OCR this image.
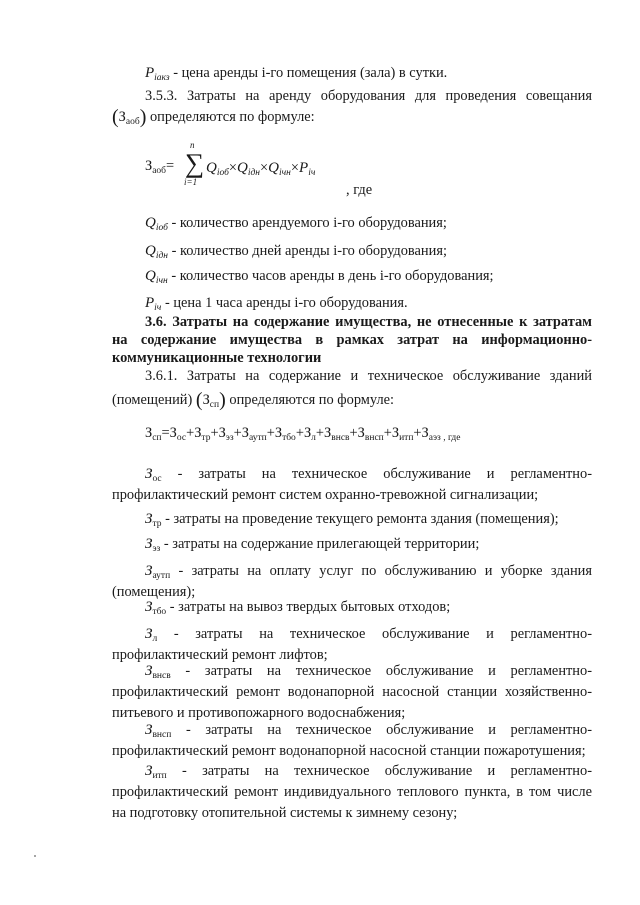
$P_{iакз}$ - цена аренды i-го помещения (зала) в сутки.
3.5.3. Затраты на аренду оборудования для проведения совещания
$(З_{аоб})$ определяются по формуле:
$З_{аоб}=$ ∑
n
i=1
$Q_{iоб}\times Q_{iдн}\times Q_{iчн}\times P_{iч}$
, где
$Q_{iоб}$ - количество арендуемого i-го оборудования;
$Q_{iдн}$ - количество дней аренды i-го оборудования;
$Q_{iчн}$ - количество часов аренды в день i-го оборудования;
$P_{iч}$ - цена 1 часа аренды i-го оборудования.
3.6. Затраты на содержание имущества, не отнесенные к затратам
на содержание имущества в рамках затрат на информационно-
коммуникационные технологии
3.6.1. Затраты на содержание и техническое обслуживание зданий
(помещений) $(З_{сп})$ определяются по формуле:
$З_{сп}=З_{ос}+З_{тр}+З_{эз}+З_{аутп}+З_{тбо}+З_л+З_{внсв}+З_{внсп}+З_{итп}+З_{аэз}$ $_{, где}$
$З_{ос}$ - затраты на техническое обслуживание и регламентно-
профилактический ремонт систем охранно-тревожной сигнализации;
$З_{тр}$ - затраты на проведение текущего ремонта здания (помещения);
$З_{эз}$ - затраты на содержание прилегающей территории;
$З_{аутп}$ - затраты на оплату услуг по обслуживанию и уборке здания
(помещения);
$З_{тбо}$ - затраты на вывоз твердых бытовых отходов;
$З_л$ - затраты на техническое обслуживание и регламентно-
профилактический ремонт лифтов;
$З_{внсв}$ - затраты на техническое обслуживание и регламентно-
профилактический ремонт водонапорной насосной станции хозяйственно-
питьевого и противопожарного водоснабжения;
$З_{внсп}$ - затраты на техническое обслуживание и регламентно-
профилактический ремонт водонапорной насосной станции пожаротушения;
$З_{итп}$ - затраты на техническое обслуживание и регламентно-
профилактический ремонт индивидуального теплового пункта, в том числе
на подготовку отопительной системы к зимнему сезону;
